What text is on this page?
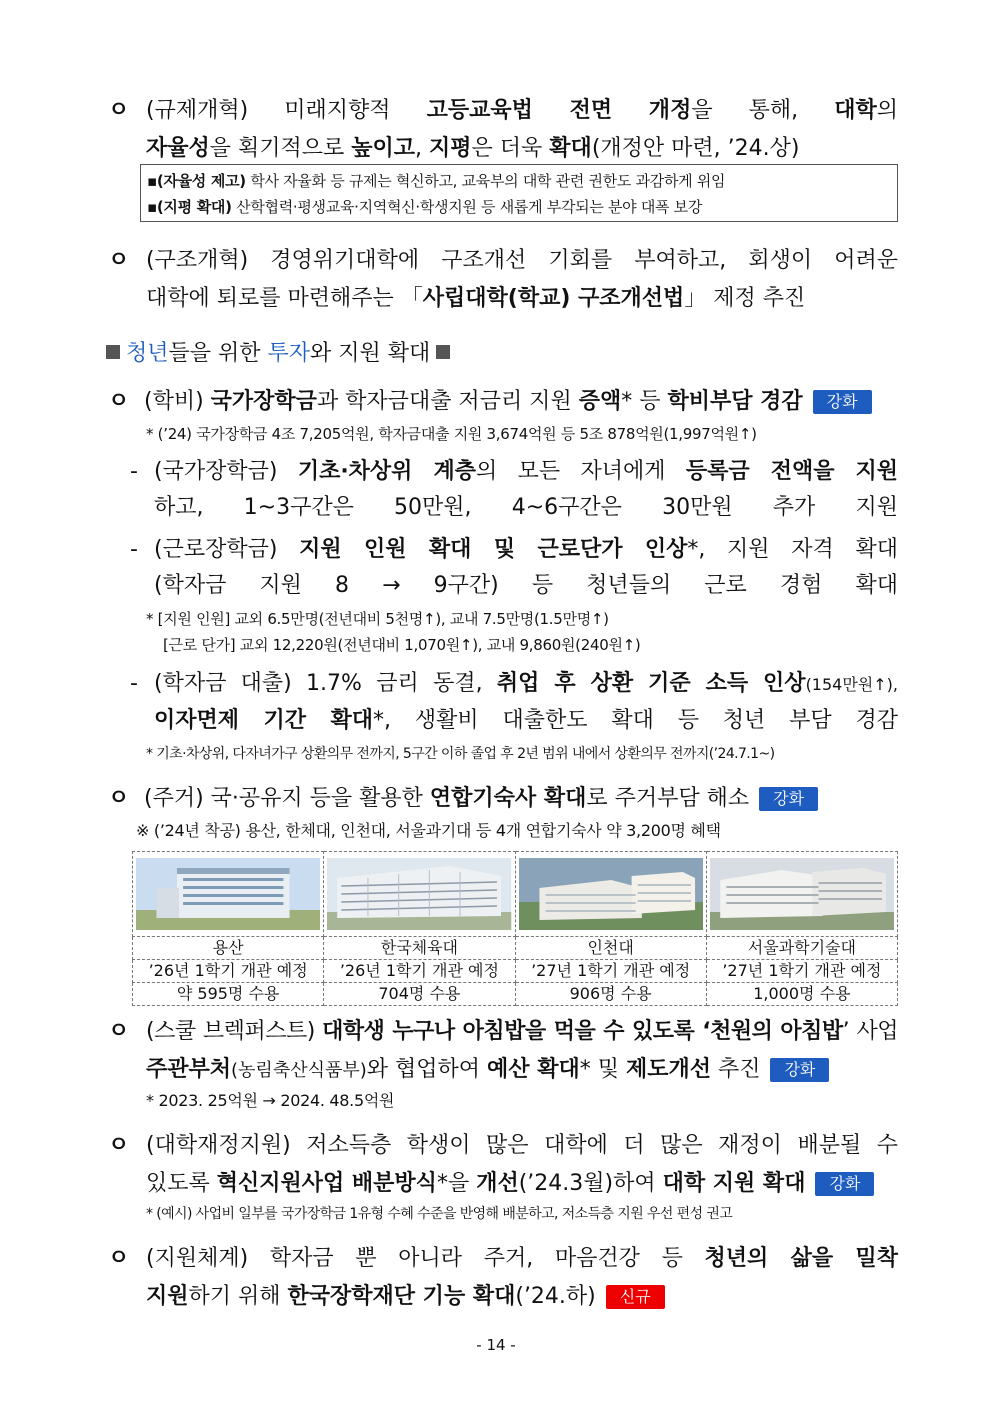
ㅇ (규제개혁) 미래지향적 고등교육법 전면 개정을 통해, 대학의
자율성을 획기적으로 높이고, 지평은 더욱 확대(개정안 마련, ’24.상)
▪(자율성 제고) 학사 자율화 등 규제는 혁신하고, 교육부의 대학 관련 권한도 과감하게 위임
▪(지평 확대) 산학협력·평생교육·지역혁신·학생지원 등 새롭게 부각되는 분야 대폭 보강
ㅇ (구조개혁) 경영위기대학에 구조개선 기회를 부여하고, 회생이 어려운
대학에 퇴로를 마련해주는 「사립대학(학교) 구조개선법」 제정 추진
청년들을 위한 투자와 지원 확대
ㅇ (학비) 국가장학금과 학자금대출 저금리 지원 증액* 등 학비부담 경감 강화
* (’24) 국가장학금 4조 7,205억원, 학자금대출 지원 3,674억원 등 5조 878억원(1,997억원↑)
- (국가장학금) 기초·차상위 계층의 모든 자녀에게 등록금 전액을 지원
하고, 1~3구간은 50만원, 4~6구간은 30만원 추가 지원
- (근로장학금) 지원 인원 확대 및 근로단가 인상*, 지원 자격 확대
(학자금 지원 8 → 9구간) 등 청년들의 근로 경험 확대
* [지원 인원] 교외 6.5만명(전년대비 5천명↑), 교내 7.5만명(1.5만명↑)
[근로 단가] 교외 12,220원(전년대비 1,070원↑), 교내 9,860원(240원↑)
- (학자금 대출) 1.7% 금리 동결, 취업 후 상환 기준 소득 인상(154만원↑),
이자면제 기간 확대*, 생활비 대출한도 확대 등 청년 부담 경감
* 기초·차상위, 다자녀가구 상환의무 전까지, 5구간 이하 졸업 후 2년 범위 내에서 상환의무 전까지(’24.7.1~)
ㅇ (주거) 국·공유지 등을 활용한 연합기숙사 확대로 주거부담 해소 강화
※ (’24년 착공) 용산, 한체대, 인천대, 서울과기대 등 4개 연합기숙사 약 3,200명 혜택

용산	한국체육대	인천대	서울과학기술대
’26년 1학기 개관 예정	’26년 1학기 개관 예정	’27년 1학기 개관 예정	’27년 1학기 개관 예정
약 595명 수용	704명 수용	906명 수용	1,000명 수용
ㅇ (스쿨 브렉퍼스트) 대학생 누구나 아침밥을 먹을 수 있도록 ‘천원의 아침밥’ 사업
주관부처(농림축산식품부)와 협업하여 예산 확대* 및 제도개선 추진 강화
* 2023. 25억원 → 2024. 48.5억원
ㅇ (대학재정지원) 저소득층 학생이 많은 대학에 더 많은 재정이 배분될 수
있도록 혁신지원사업 배분방식*을 개선(’24.3월)하여 대학 지원 확대 강화
* (예시) 사업비 일부를 국가장학금 1유형 수혜 수준을 반영해 배분하고, 저소득층 지원 우선 편성 권고
ㅇ (지원체계) 학자금 뿐 아니라 주거, 마음건강 등 청년의 삶을 밀착
지원하기 위해 한국장학재단 기능 확대(’24.하) 신규
- 14 -
